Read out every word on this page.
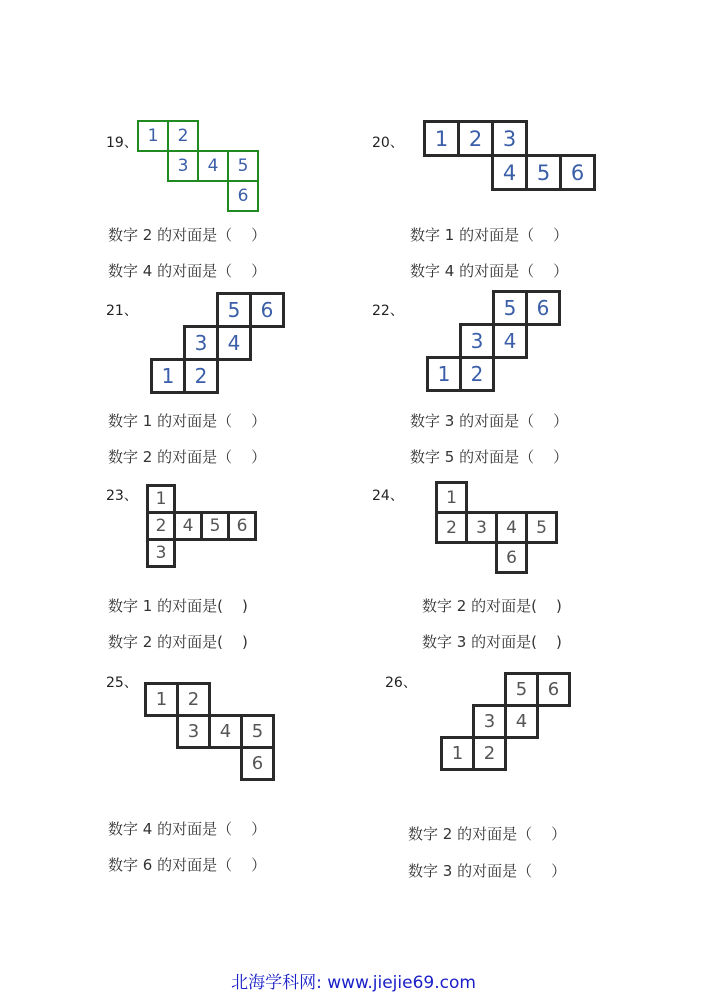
19、	20、
21、	22、
23、	24、
25、	26、
数字 2 的对面是（    ）
数字 4 的对面是（    ）
数字 1 的对面是（    ）
数字 4 的对面是（    ）
数字 1 的对面是（    ）
数字 2 的对面是（    ）
数字 3 的对面是（    ）
数字 5 的对面是（    ）
数字 1 的对面是(    )
数字 2 的对面是(    )
数字 2 的对面是(    )
数字 3 的对面是(    )
数字 4 的对面是（    ）
数字 6 的对面是（    ）
数字 2 的对面是（    ）
数字 3 的对面是（    ）
1	2
3	4	5
6
1 2 3
4 5 6
5	6
3	4
1	2
5	6
3	4
1	2
1
2 4 5 6
3
1
2	3	4	5
6
1	2
3	4	5
6
5	6
3	4
1	2
北海学科网: www.jiejie69.com
